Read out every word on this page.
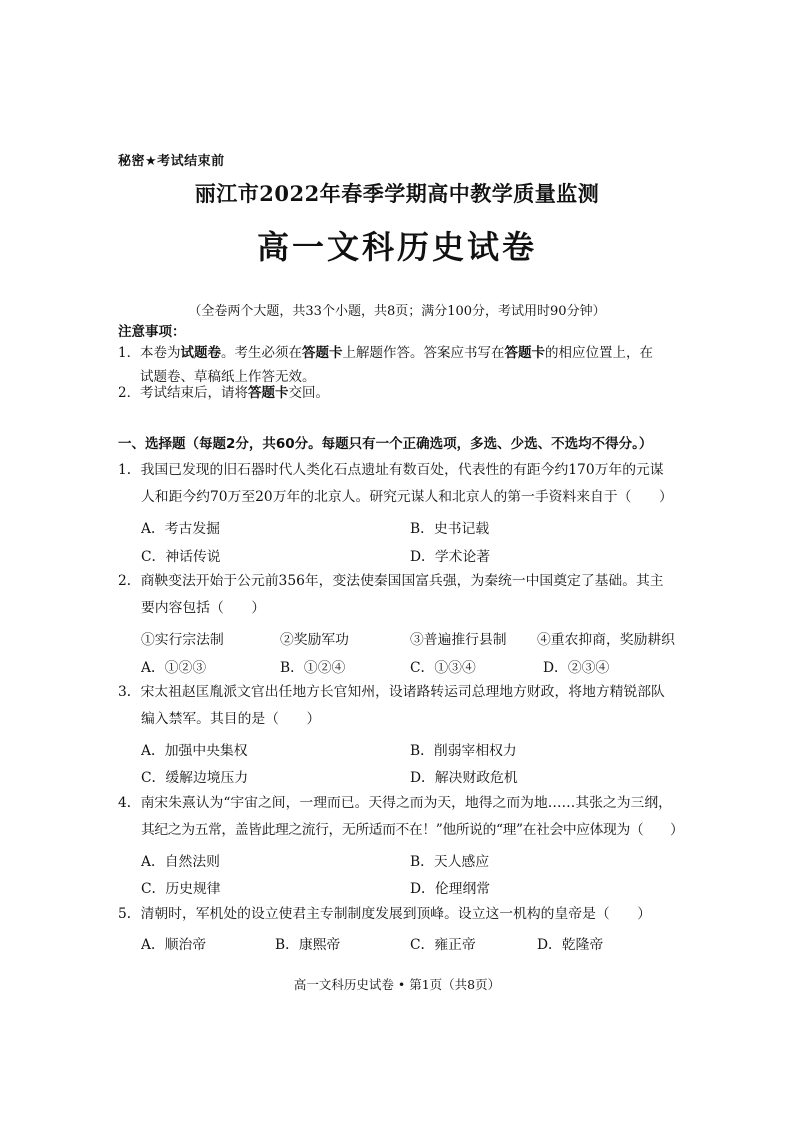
秘密★考试结束前
丽江市2022年春季学期高中教学质量监测
高一文科历史试卷
（全卷两个大题，共33个小题，共8页；满分100分，考试用时90分钟）
注意事项：
1．本卷为试题卷。考生必须在答题卡上解题作答。答案应书写在答题卡的相应位置上，在
试题卷、草稿纸上作答无效。
2．考试结束后，请将答题卡交回。
一、选择题（每题2分，共60分。每题只有一个正确选项，多选、少选、不选均不得分。）
1．我国已发现的旧石器时代人类化石点遗址有数百处，代表性的有距今约170万年的元谋
人和距今约70万至20万年的北京人。研究元谋人和北京人的第一手资料来自于（　　）
A．考古发掘	B．史书记载
C．神话传说	D．学术论著
2．商鞅变法开始于公元前356年，变法使秦国国富兵强，为秦统一中国奠定了基础。其主
要内容包括（　　）
①实行宗法制	②奖励军功	③普遍推行县制 ④重农抑商，奖励耕织
A．①②③	B．①②④	C．①③④	D．②③④
3．宋太祖赵匡胤派文官出任地方长官知州，设诸路转运司总理地方财政，将地方精锐部队
编入禁军。其目的是（　　）
A．加强中央集权	B．削弱宰相权力
C．缓解边境压力	D．解决财政危机
4．南宋朱熹认为“宇宙之间，一理而已。天得之而为天，地得之而为地……其张之为三纲，
其纪之为五常，盖皆此理之流行，无所适而不在！”他所说的“理”在社会中应体现为（　　）
A．自然法则	B．天人感应
C．历史规律	D．伦理纲常
5．清朝时，军机处的设立使君主专制制度发展到顶峰。设立这一机构的皇帝是（　　）
A．顺治帝	B．康熙帝	C．雍正帝	D．乾隆帝
高一文科历史试卷 • 第1页（共8页）
